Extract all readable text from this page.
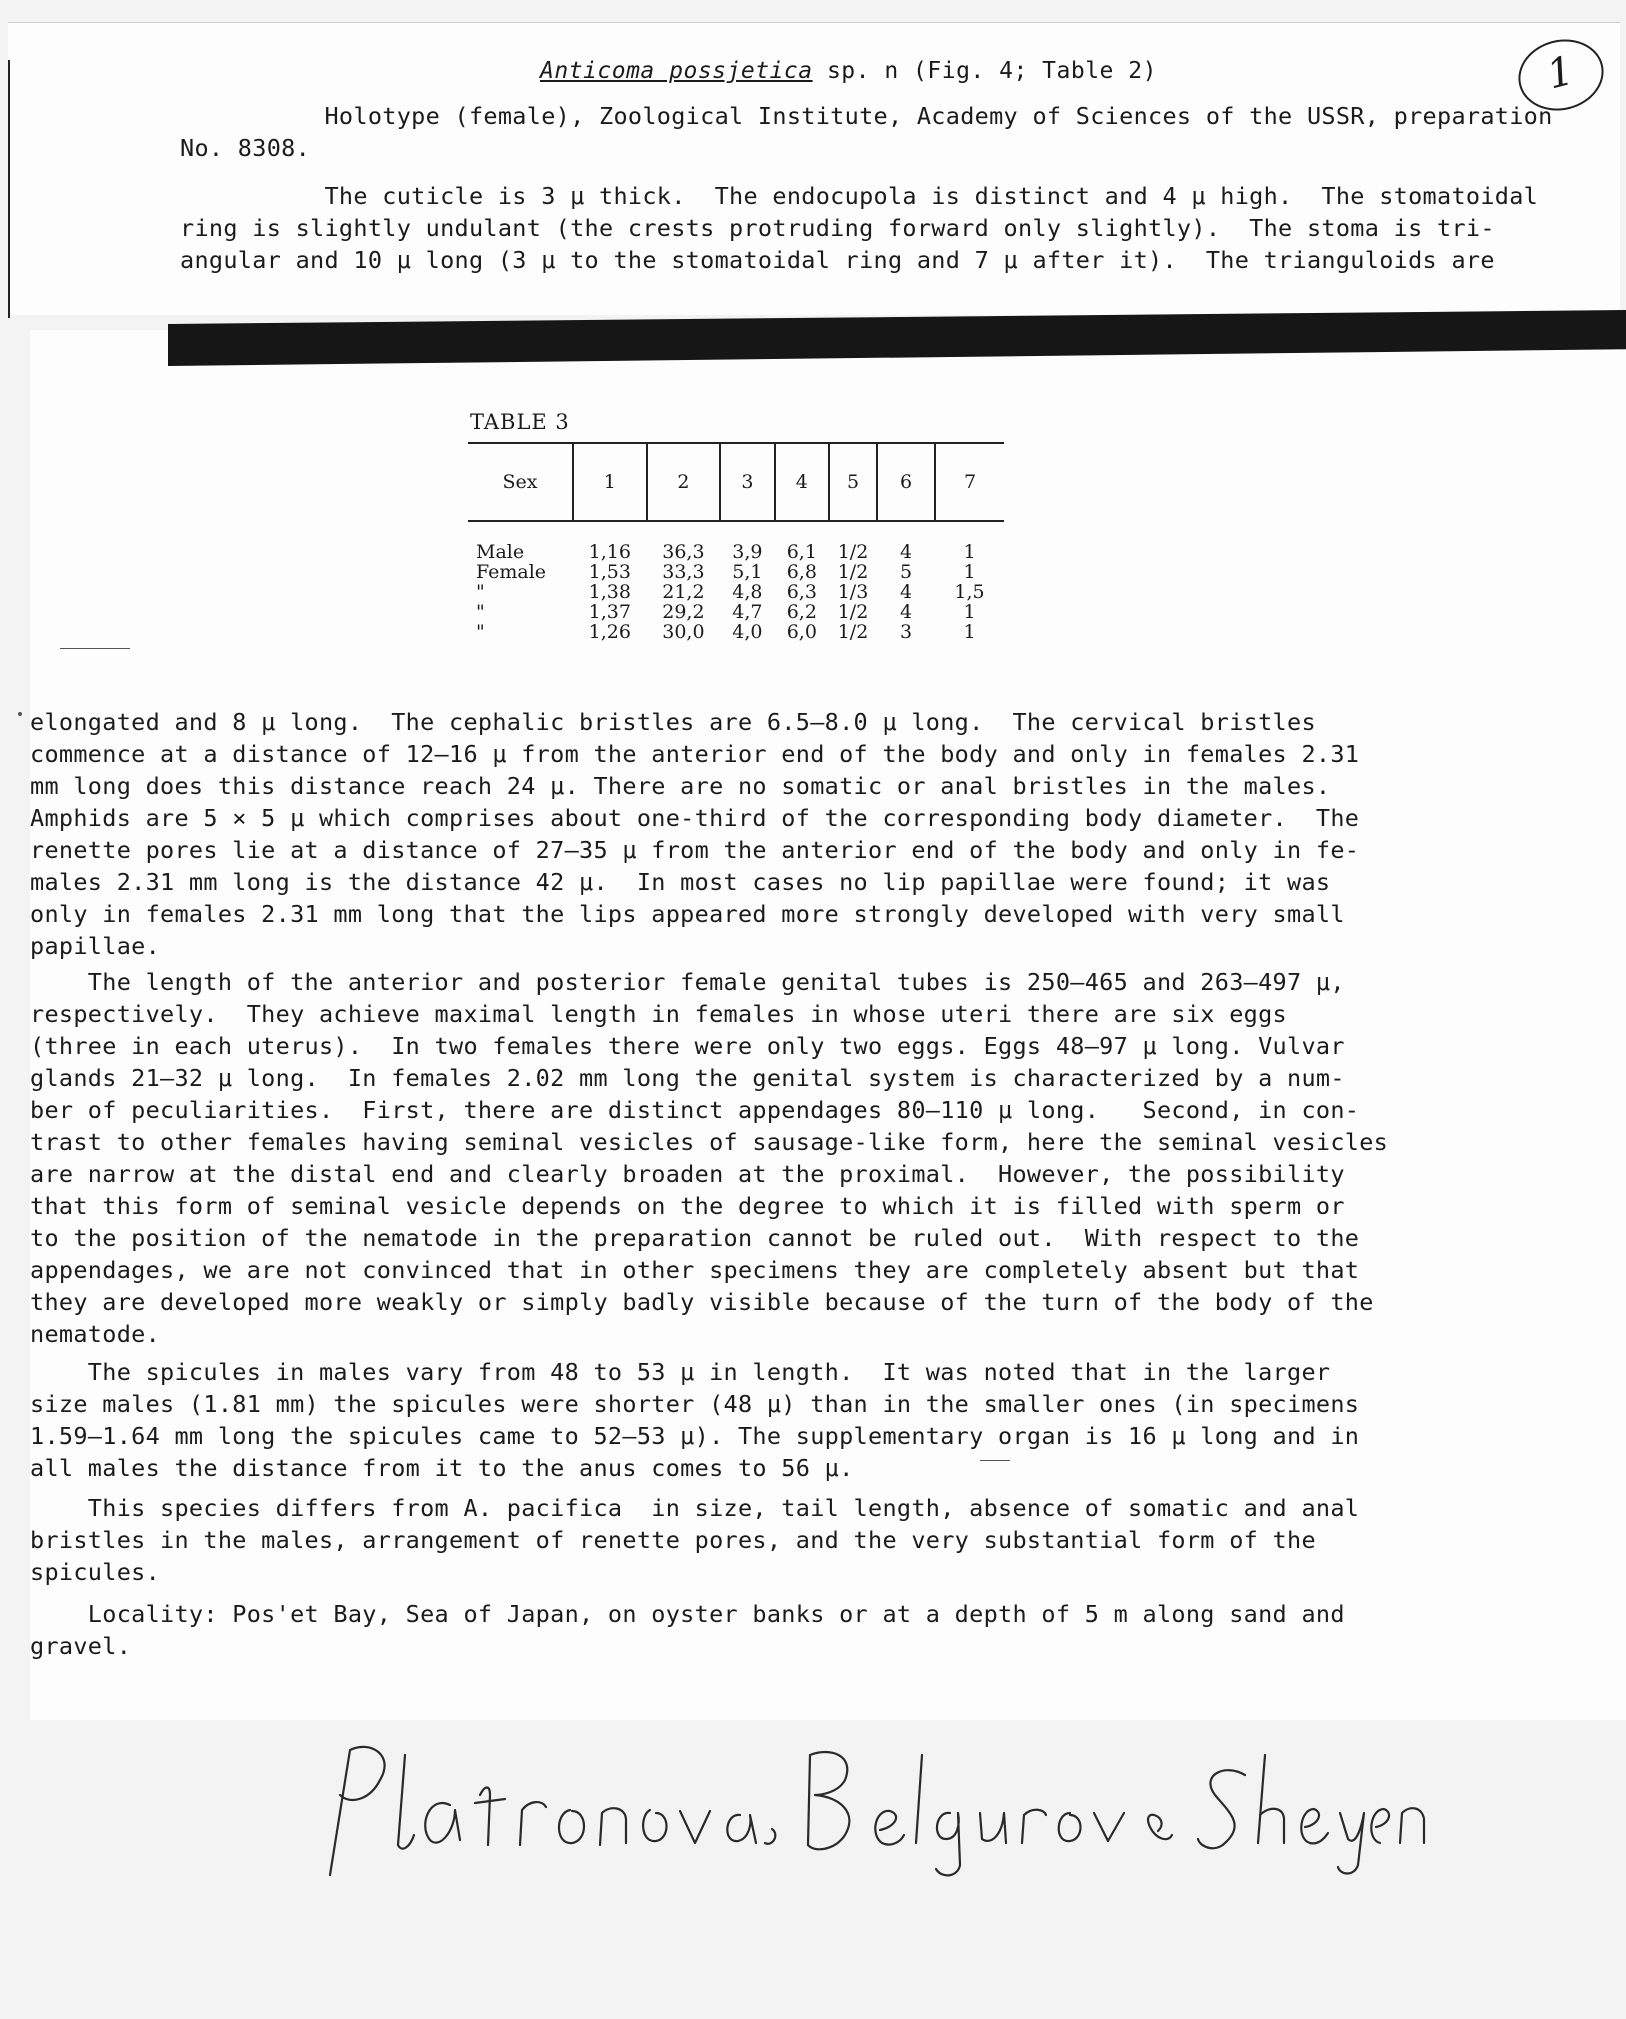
Anticoma possjetica sp. n (Fig. 4; Table 2)	1
Holotype (female), Zoological Institute, Academy of Sciences of the USSR, preparation
No. 8308.
The cuticle is 3 μ thick.  The endocupola is distinct and 4 μ high.  The stomatoidal
ring is slightly undulant (the crests protruding forward only slightly).  The stoma is tri-
angular and 10 μ long (3 μ to the stomatoidal ring and 7 μ after it).  The trianguloids are
TABLE 3
Sex	1	2	3	4	5	6	7
Male	1,16	36,3	3,9	6,1	1/2	4	1
Female	1,53	33,3	5,1	6,8	1/2	5	1
"	1,38	21,2	4,8	6,3	1/3	4	1,5
"	1,37	29,2	4,7	6,2	1/2	4	1
"	1,26	30,0	4,0	6,0	1/2	3	1
elongated and 8 μ long.  The cephalic bristles are 6.5–8.0 μ long.  The cervical bristles
commence at a distance of 12–16 μ from the anterior end of the body and only in females 2.31
mm long does this distance reach 24 μ. There are no somatic or anal bristles in the males.
Amphids are 5 × 5 μ which comprises about one-third of the corresponding body diameter.  The
renette pores lie at a distance of 27–35 μ from the anterior end of the body and only in fe-
males 2.31 mm long is the distance 42 μ.  In most cases no lip papillae were found; it was
only in females 2.31 mm long that the lips appeared more strongly developed with very small
papillae.
The length of the anterior and posterior female genital tubes is 250–465 and 263–497 μ,
respectively.  They achieve maximal length in females in whose uteri there are six eggs
(three in each uterus).  In two females there were only two eggs. Eggs 48–97 μ long. Vulvar
glands 21–32 μ long.  In females 2.02 mm long the genital system is characterized by a num-
ber of peculiarities.  First, there are distinct appendages 80–110 μ long.   Second, in con-
trast to other females having seminal vesicles of sausage-like form, here the seminal vesicles
are narrow at the distal end and clearly broaden at the proximal.  However, the possibility
that this form of seminal vesicle depends on the degree to which it is filled with sperm or
to the position of the nematode in the preparation cannot be ruled out.  With respect to the
appendages, we are not convinced that in other specimens they are completely absent but that
they are developed more weakly or simply badly visible because of the turn of the body of the
nematode.
The spicules in males vary from 48 to 53 μ in length.  It was noted that in the larger
size males (1.81 mm) the spicules were shorter (48 μ) than in the smaller ones (in specimens
1.59–1.64 mm long the spicules came to 52–53 μ). The supplementary organ is 16 μ long and in
all males the distance from it to the anus comes to 56 μ.
This species differs from A. pacifica  in size, tail length, absence of somatic and anal
bristles in the males, arrangement of renette pores, and the very substantial form of the
spicules.
Locality: Pos'et Bay, Sea of Japan, on oyster banks or at a depth of 5 m along sand and
gravel.
